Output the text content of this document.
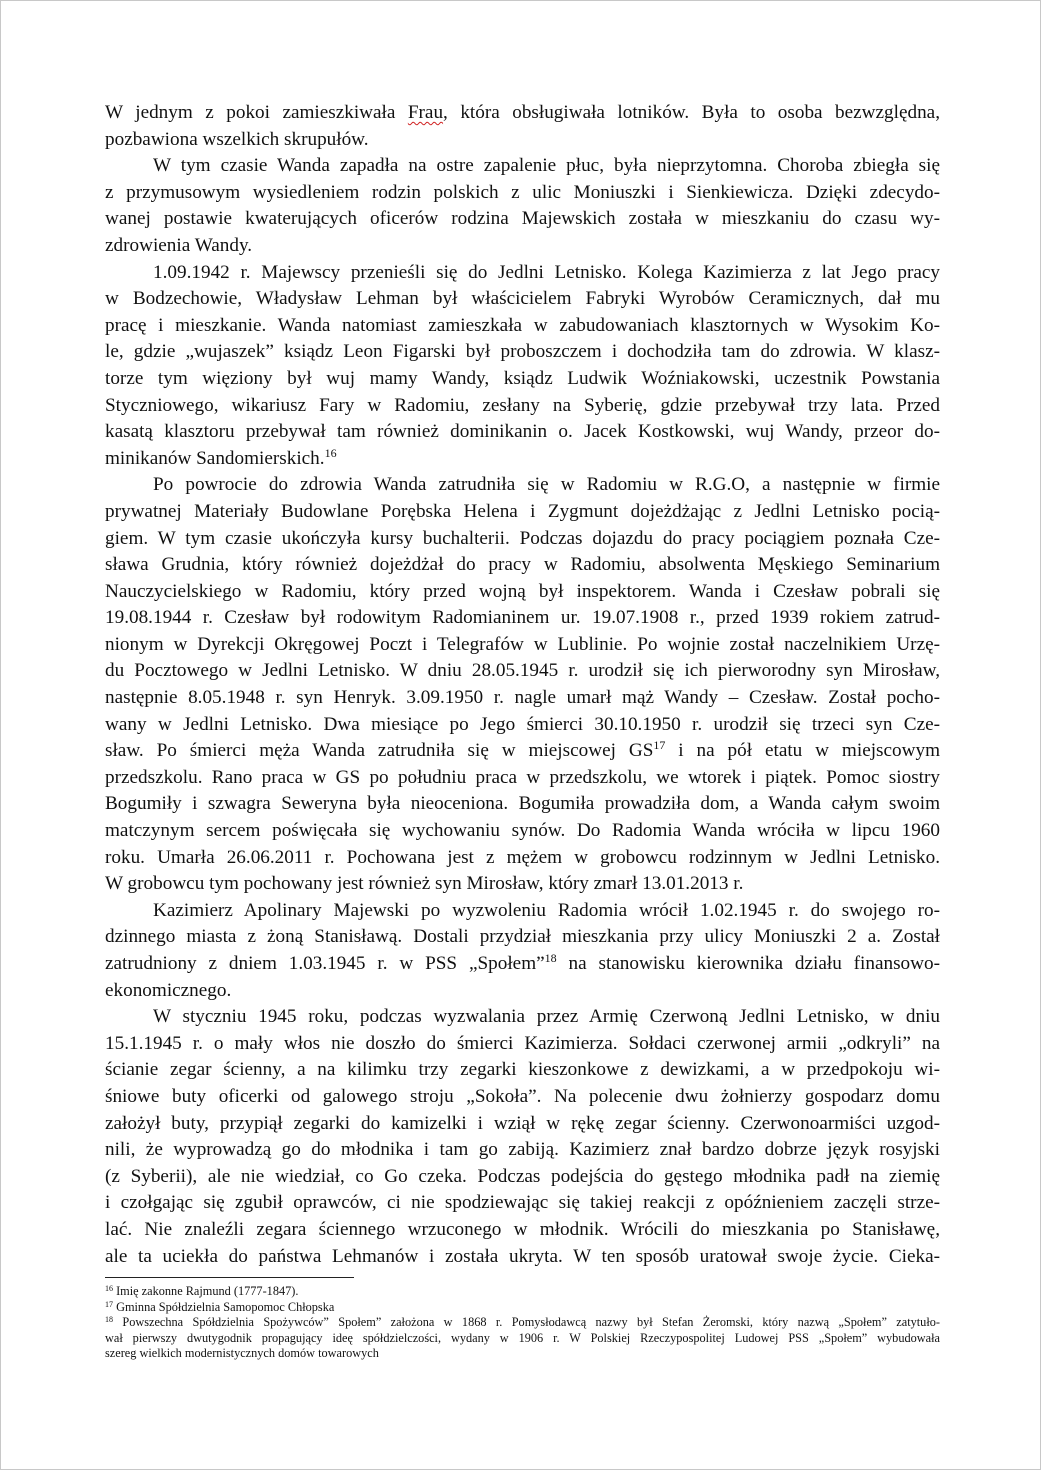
W jednym z pokoi zamieszkiwała Frau, która obsługiwała lotników. Była to osoba bezwzględna,
pozbawiona wszelkich skrupułów.
W tym czasie Wanda zapadła na ostre zapalenie płuc, była nieprzytomna. Choroba zbiegła się
z przymusowym wysiedleniem rodzin polskich z ulic Moniuszki i Sienkiewicza. Dzięki zdecydo-
wanej postawie kwaterujących oficerów rodzina Majewskich została w mieszkaniu do czasu wy-
zdrowienia Wandy.
1.09.1942 r. Majewscy przenieśli się do Jedlni Letnisko. Kolega Kazimierza z lat Jego pracy
w Bodzechowie, Władysław Lehman był właścicielem Fabryki Wyrobów Ceramicznych, dał mu
pracę i mieszkanie. Wanda natomiast zamieszkała w zabudowaniach klasztornych w Wysokim Ko-
le, gdzie „wujaszek” ksiądz Leon Figarski był proboszczem i dochodziła tam do zdrowia. W klasz-
torze tym więziony był wuj mamy Wandy, ksiądz Ludwik Woźniakowski, uczestnik Powstania
Styczniowego, wikariusz Fary w Radomiu, zesłany na Syberię, gdzie przebywał trzy lata. Przed
kasatą klasztoru przebywał tam również dominikanin o. Jacek Kostkowski, wuj Wandy, przeor do-
minikanów Sandomierskich.$^{16}$
Po powrocie do zdrowia Wanda zatrudniła się w Radomiu w R.G.O, a następnie w firmie
prywatnej Materiały Budowlane Porębska Helena i Zygmunt dojeżdżając z Jedlni Letnisko pocią-
giem. W tym czasie ukończyła kursy buchalterii. Podczas dojazdu do pracy pociągiem poznała Cze-
sława Grudnia, który również dojeżdżał do pracy w Radomiu, absolwenta Męskiego Seminarium
Nauczycielskiego w Radomiu, który przed wojną był inspektorem. Wanda i Czesław pobrali się
19.08.1944 r. Czesław był rodowitym Radomianinem ur. 19.07.1908 r., przed 1939 rokiem zatrud-
nionym w Dyrekcji Okręgowej Poczt i Telegrafów w Lublinie. Po wojnie został naczelnikiem Urzę-
du Pocztowego w Jedlni Letnisko. W dniu 28.05.1945 r. urodził się ich pierworodny syn Mirosław,
następnie 8.05.1948 r. syn Henryk. 3.09.1950 r. nagle umarł mąż Wandy – Czesław. Został pocho-
wany w Jedlni Letnisko. Dwa miesiące po Jego śmierci 30.10.1950 r. urodził się trzeci syn Cze-
sław. Po śmierci męża Wanda zatrudniła się w miejscowej GS$^{17}$ i na pół etatu w miejscowym
przedszkolu. Rano praca w GS po południu praca w przedszkolu, we wtorek i piątek. Pomoc siostry
Bogumiły i szwagra Seweryna była nieoceniona. Bogumiła prowadziła dom, a Wanda całym swoim
matczynym sercem poświęcała się wychowaniu synów. Do Radomia Wanda wróciła w lipcu 1960
roku. Umarła 26.06.2011 r. Pochowana jest z mężem w grobowcu rodzinnym w Jedlni Letnisko.
W grobowcu tym pochowany jest również syn Mirosław, który zmarł 13.01.2013 r.
Kazimierz Apolinary Majewski po wyzwoleniu Radomia wrócił 1.02.1945 r. do swojego ro-
dzinnego miasta z żoną Stanisławą. Dostali przydział mieszkania przy ulicy Moniuszki 2 a. Został
zatrudniony z dniem 1.03.1945 r. w PSS „Społem”$^{18}$ na stanowisku kierownika działu finansowo-
ekonomicznego.
W styczniu 1945 roku, podczas wyzwalania przez Armię Czerwoną Jedlni Letnisko, w dniu
15.1.1945 r. o mały włos nie doszło do śmierci Kazimierza. Sołdaci czerwonej armii „odkryli” na
ścianie zegar ścienny, a na kilimku trzy zegarki kieszonkowe z dewizkami, a w przedpokoju wi-
śniowe buty oficerki od galowego stroju „Sokoła”. Na polecenie dwu żołnierzy gospodarz domu
założył buty, przypiął zegarki do kamizelki i wziął w rękę zegar ścienny. Czerwonoarmiści uzgod-
nili, że wyprowadzą go do młodnika i tam go zabiją. Kazimierz znał bardzo dobrze język rosyjski
(z Syberii), ale nie wiedział, co Go czeka. Podczas podejścia do gęstego młodnika padł na ziemię
i czołgając się zgubił oprawców, ci nie spodziewając się takiej reakcji z opóźnieniem zaczęli strze-
lać. Nie znaleźli zegara ściennego wrzuconego w młodnik. Wrócili do mieszkania po Stanisławę,
ale ta uciekła do państwa Lehmanów i została ukryta. W ten sposób uratował swoje życie. Cieka-
$^{16}$ Imię zakonne Rajmund (1777-1847).
$^{17}$ Gminna Spółdzielnia Samopomoc Chłopska
$^{18}$ Powszechna Spółdzielnia Spożywców” Społem” założona w 1868 r. Pomysłodawcą nazwy był Stefan Żeromski, który nazwą „Społem” zatytuło-
wał pierwszy dwutygodnik propagujący ideę spółdzielczości, wydany w 1906 r. W Polskiej Rzeczypospolitej Ludowej PSS „Społem” wybudowała
szereg wielkich modernistycznych domów towarowych
